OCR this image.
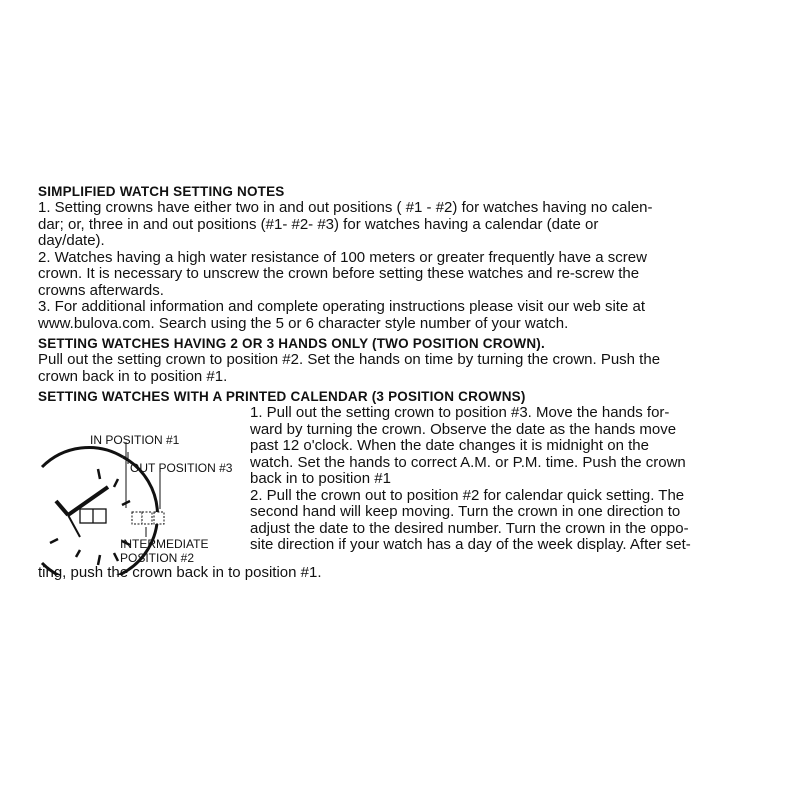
SIMPLIFIED WATCH SETTING NOTES

1. Setting crowns have either two in and out positions ( #1 - #2) for watches having no calen-

dar; or, three in and out positions (#1- #2- #3) for watches having a calendar (date or

day/date).

2. Watches having a high water resistance of 100 meters or greater frequently have a screw

crown. It is necessary to unscrew the crown before setting these watches and re-screw the

crowns afterwards.

3. For additional information and complete operating instructions please visit our web site at

www.bulova.com. Search using the 5 or 6 character style number of your watch.

SETTING WATCHES HAVING 2 OR 3 HANDS ONLY (TWO POSITION CROWN).

Pull out the setting crown to position #2. Set the hands on time by turning the crown. Push the

crown back in to position #1.

SETTING WATCHES WITH A PRINTED CALENDAR (3 POSITION CROWNS)

IN POSITION #1
OUT POSITION #3
INTERMEDIATE
POSITION #2

1. Pull out the setting crown to position #3. Move the hands for-

ward by turning the crown. Observe the date as the hands move

past 12 o'clock. When the date changes it is midnight on the

watch. Set the hands to correct A.M. or P.M. time. Push the crown

back in to position #1

2. Pull the crown out to position #2 for calendar quick setting. The

second hand will keep moving. Turn the crown in one direction to

adjust the date to the desired number. Turn the crown in the oppo-

site direction if your watch has a day of the week display. After set-

ting, push the crown back in to position #1.
